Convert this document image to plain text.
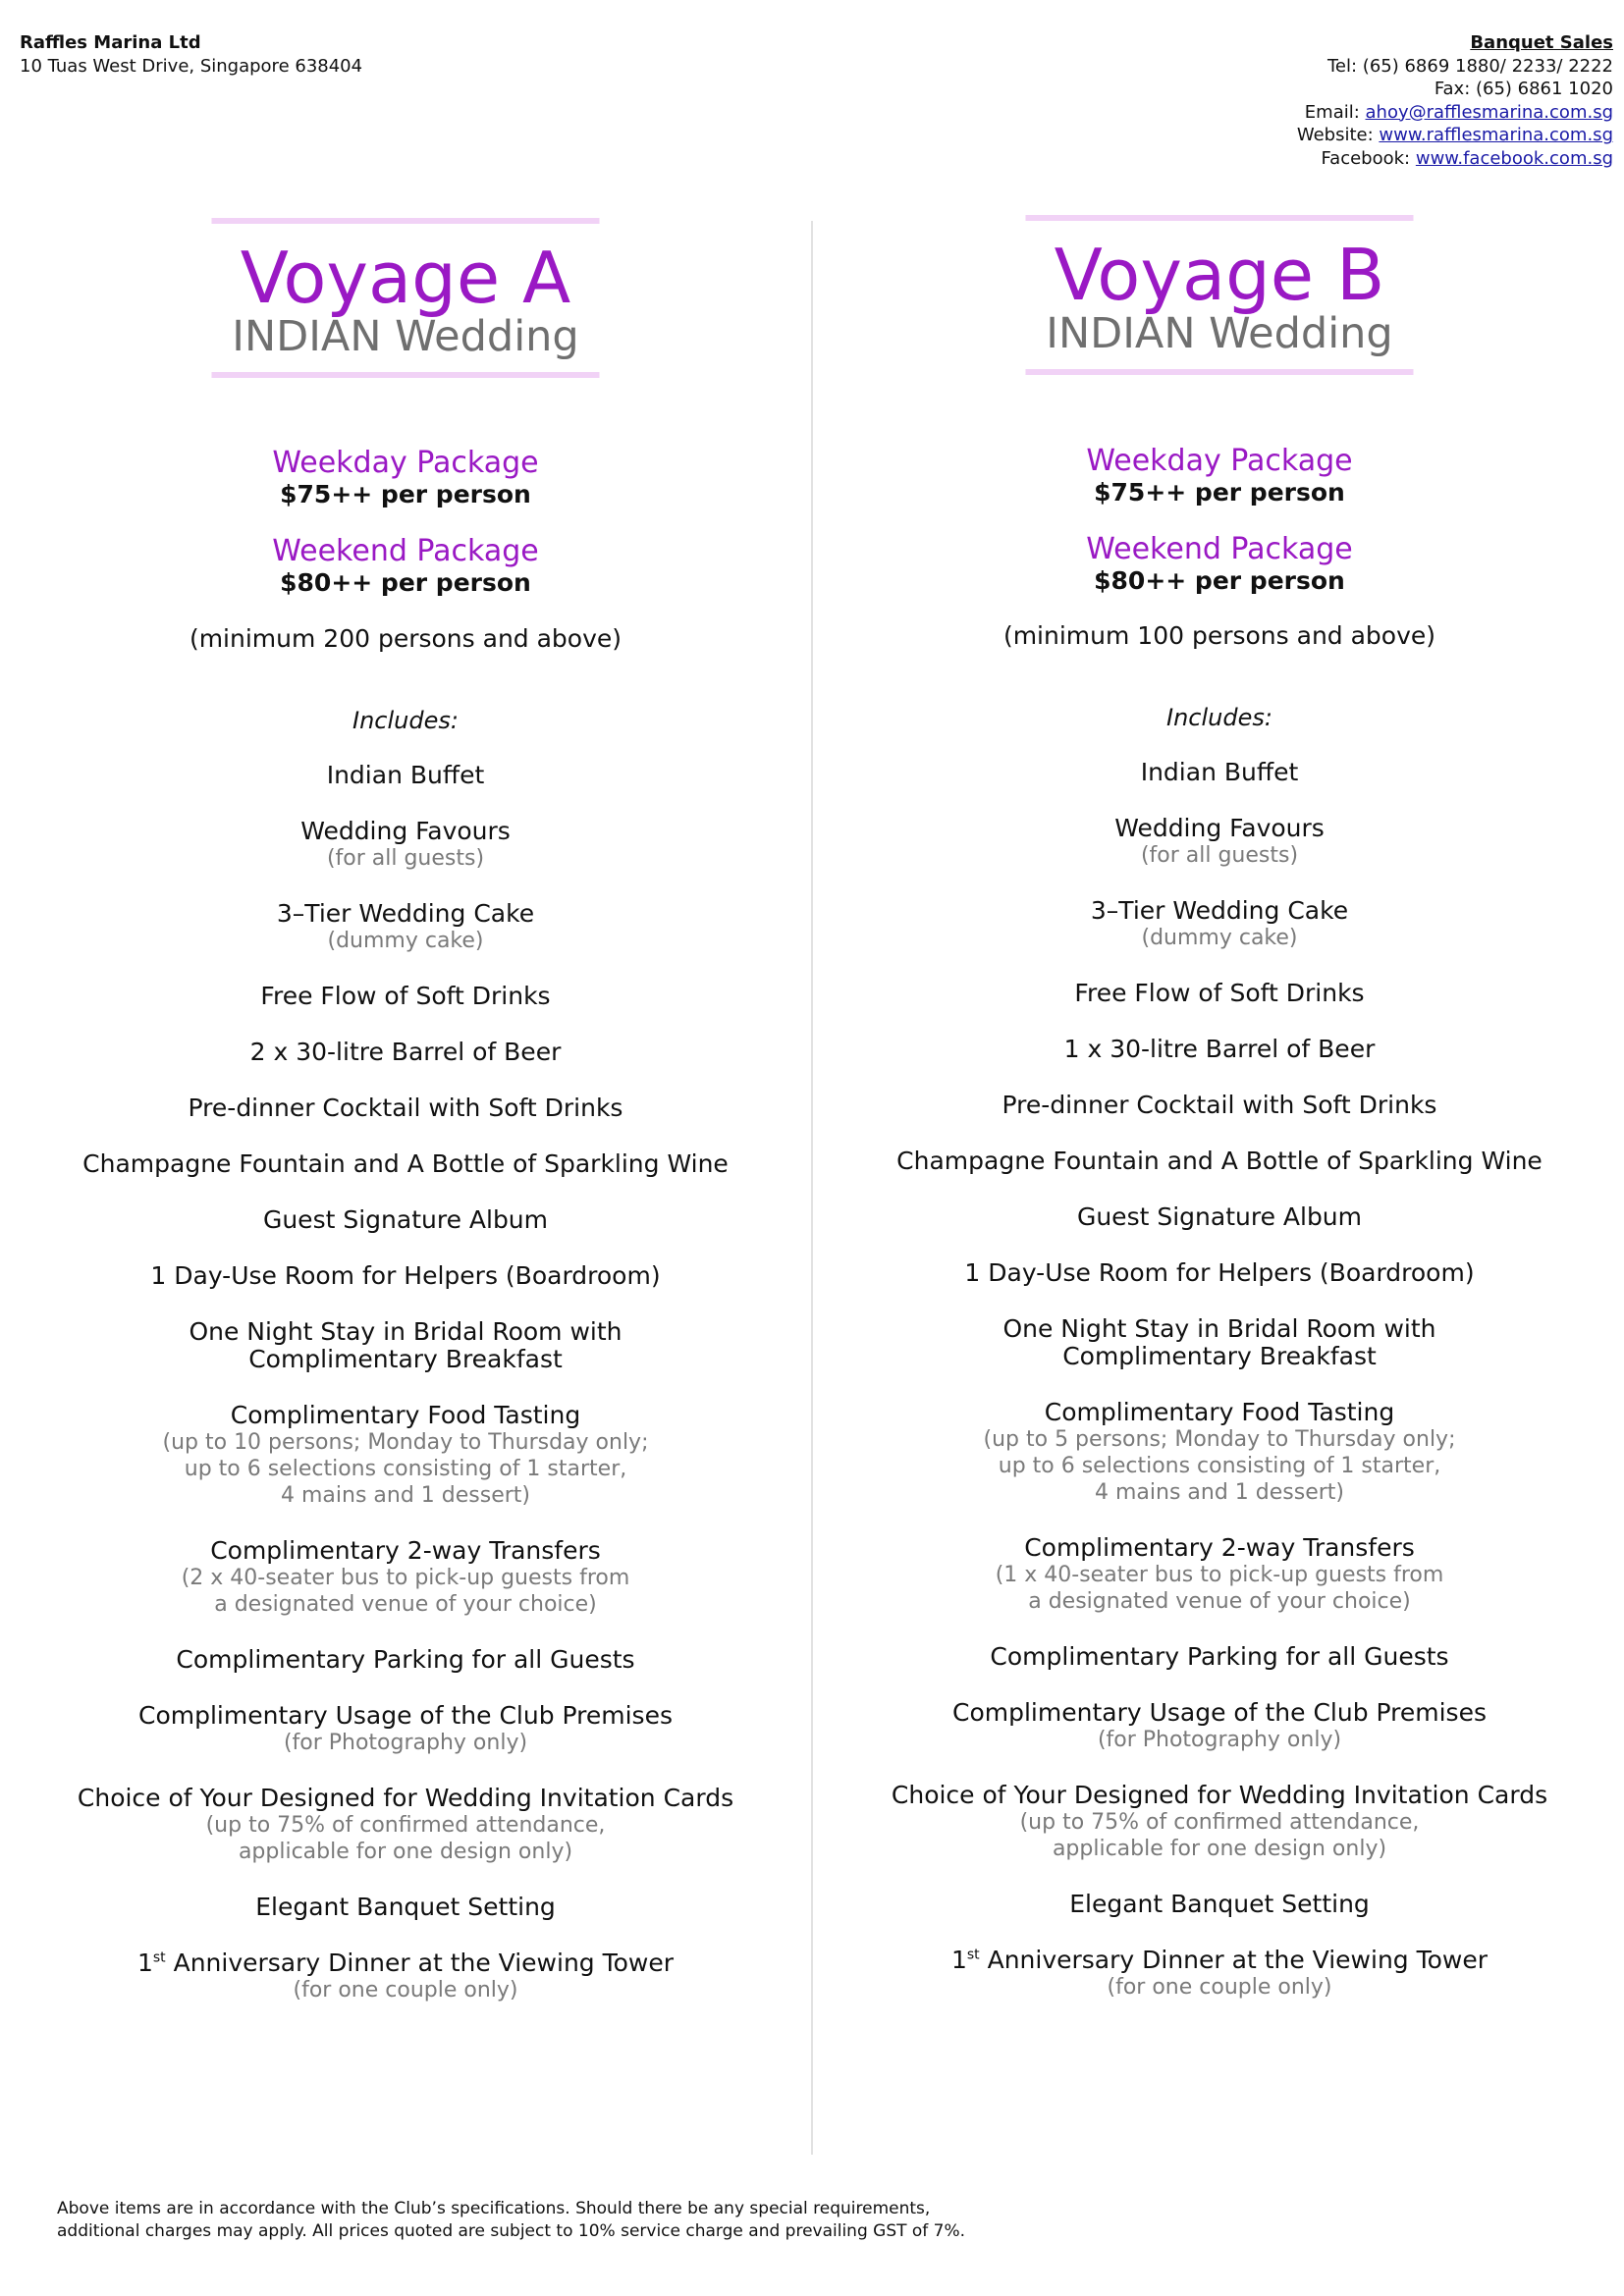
Raffles Marina Ltd
10 Tuas West Drive, Singapore 638404
Banquet Sales
Tel: (65) 6869 1880/ 2233/ 2222
Fax: (65) 6861 1020
Email: ahoy@rafflesmarina.com.sg
Website: www.rafflesmarina.com.sg
Facebook: www.facebook.com.sg
Voyage A
INDIAN Wedding
Weekday Package
$75++ per person
Weekend Package
$80++ per person
(minimum 200 persons and above)
Includes:
Indian Buffet
Wedding Favours
(for all guests)
3–Tier Wedding Cake
(dummy cake)
Free Flow of Soft Drinks
2 x 30-litre Barrel of Beer
Pre-dinner Cocktail with Soft Drinks
Champagne Fountain and A Bottle of Sparkling Wine
Guest Signature Album
1 Day-Use Room for Helpers (Boardroom)
One Night Stay in Bridal Room with
Complimentary Breakfast
Complimentary Food Tasting
(up to 10 persons; Monday to Thursday only;
up to 6 selections consisting of 1 starter,
4 mains and 1 dessert)
Complimentary 2-way Transfers
(2 x 40-seater bus to pick-up guests from
a designated venue of your choice)
Complimentary Parking for all Guests
Complimentary Usage of the Club Premises
(for Photography only)
Choice of Your Designed for Wedding Invitation Cards
(up to 75% of confirmed attendance,
applicable for one design only)
Elegant Banquet Setting
1st Anniversary Dinner at the Viewing Tower
(for one couple only)
Voyage B
INDIAN Wedding
Weekday Package
$75++ per person
Weekend Package
$80++ per person
(minimum 100 persons and above)
Includes:
Indian Buffet
Wedding Favours
(for all guests)
3–Tier Wedding Cake
(dummy cake)
Free Flow of Soft Drinks
1 x 30-litre Barrel of Beer
Pre-dinner Cocktail with Soft Drinks
Champagne Fountain and A Bottle of Sparkling Wine
Guest Signature Album
1 Day-Use Room for Helpers (Boardroom)
One Night Stay in Bridal Room with
Complimentary Breakfast
Complimentary Food Tasting
(up to 5 persons; Monday to Thursday only;
up to 6 selections consisting of 1 starter,
4 mains and 1 dessert)
Complimentary 2-way Transfers
(1 x 40-seater bus to pick-up guests from
a designated venue of your choice)
Complimentary Parking for all Guests
Complimentary Usage of the Club Premises
(for Photography only)
Choice of Your Designed for Wedding Invitation Cards
(up to 75% of confirmed attendance,
applicable for one design only)
Elegant Banquet Setting
1st Anniversary Dinner at the Viewing Tower
(for one couple only)
Above items are in accordance with the Club’s specifications. Should there be any special requirements,
additional charges may apply. All prices quoted are subject to 10% service charge and prevailing GST of 7%.
